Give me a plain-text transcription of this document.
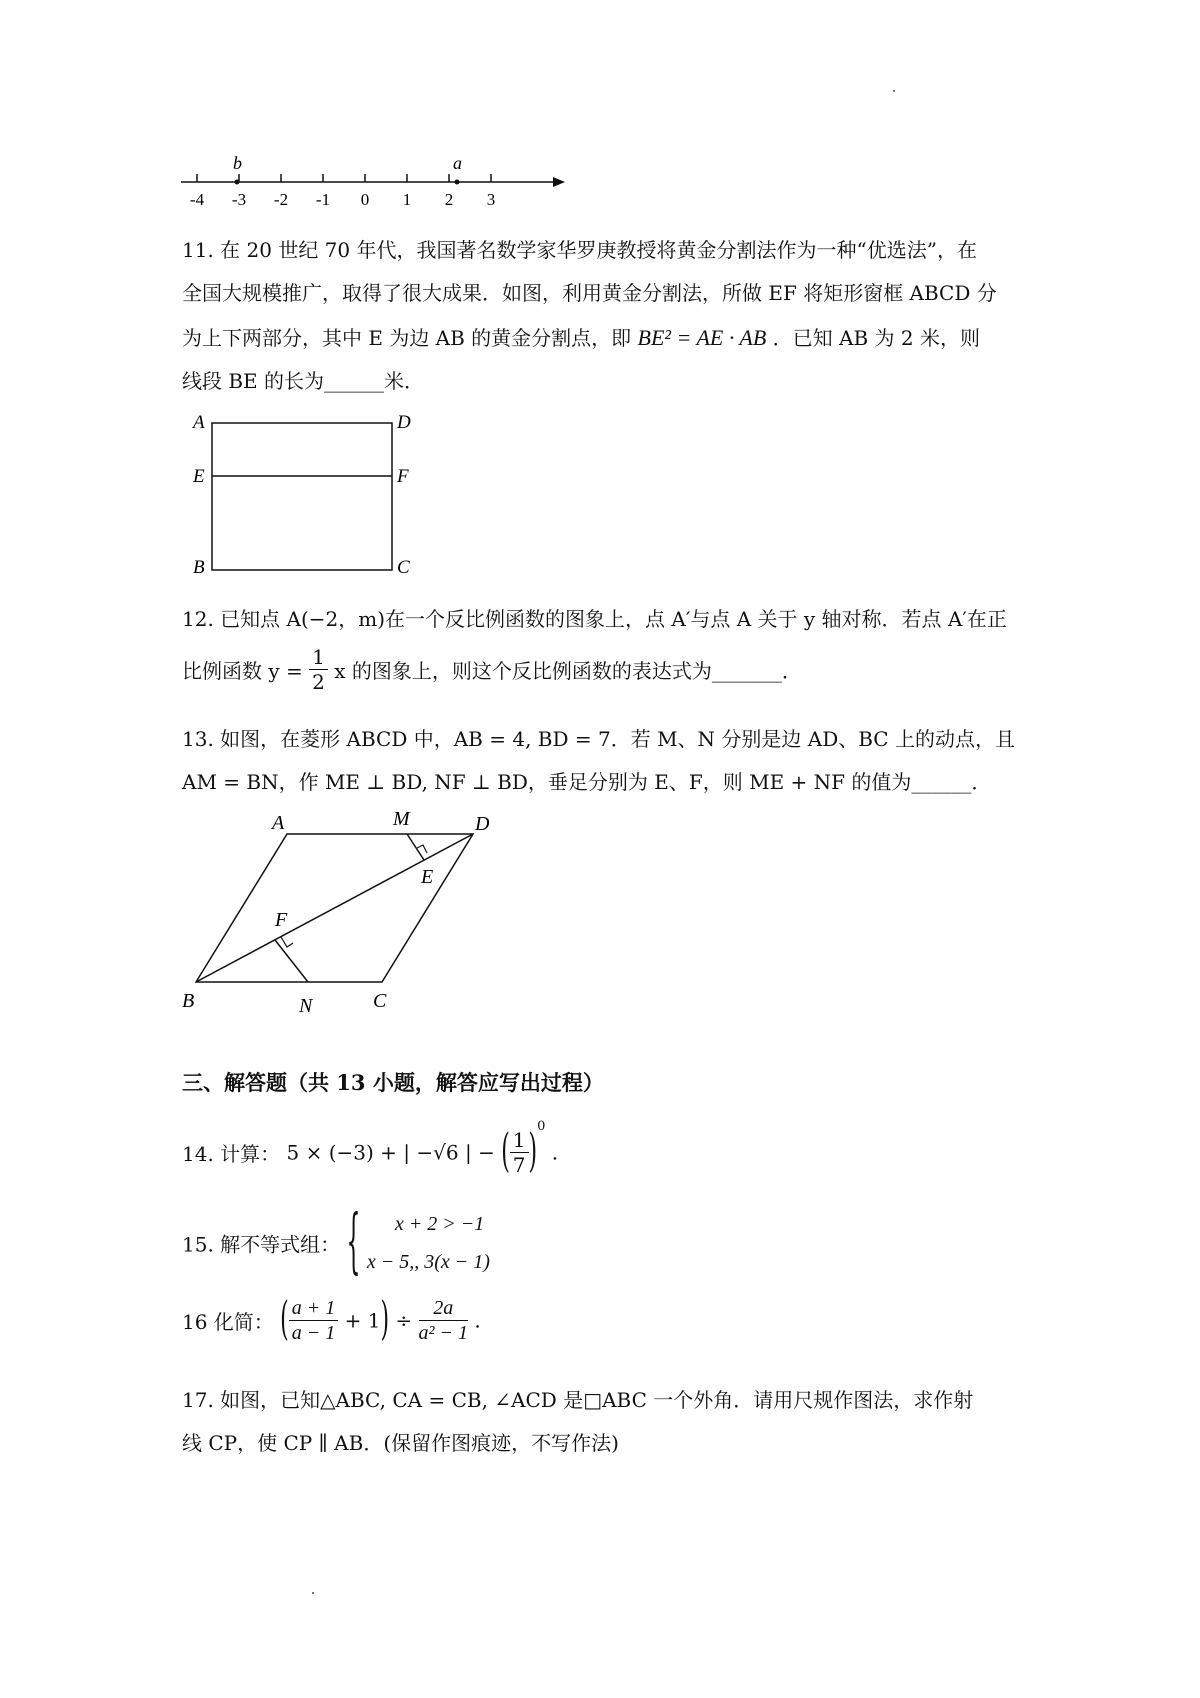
-4 -3 -2 -1 0 1 2 3
b	a
11. 在 20 世纪 70 年代，我国著名数学家华罗庚教授将黄金分割法作为一种“优选法”，在
全国大规模推广，取得了很大成果．如图，利用黄金分割法，所做 EF 将矩形窗框 ABCD 分
为上下两部分，其中 E 为边 AB 的黄金分割点，即 BE² = AE · AB ．已知 AB 为 2 米，则
线段 BE 的长为______米．
A	D
E	F
B	C
12. 已知点 A(−2，m)在一个反比例函数的图象上，点 A′与点 A 关于 y 轴对称．若点 A′在正
比例函数 $y = \frac{1}{2}$ x 的图象上，则这个反比例函数的表达式为_______．
13. 如图，在菱形 ABCD 中，AB = 4, BD = 7．若 M、N 分别是边 AD、BC 上的动点，且
AM = BN，作 ME ⊥ BD, NF ⊥ BD，垂足分别为 E、F，则 ME + NF 的值为______．
A	M	D
E
F
B	N	C
三、解答题（共 13 小题，解答应写出过程）
14. 计算： 5 × (−3) + | −√6 | − ( $\frac{1}{7} )^0$ .
15. 解不等式组： {	x + 2 > −1
x − 5,, 3(x − 1)
16 化简： ( $\frac{a + 1}{a - 1} + 1) \div \frac{2a}{\text{a² − 1}}$ .
17. 如图，已知△ABC, CA = CB, ∠ACD 是□ABC 一个外角．请用尺规作图法，求作射
线 CP，使 CP ∥ AB．(保留作图痕迹，不写作法)
